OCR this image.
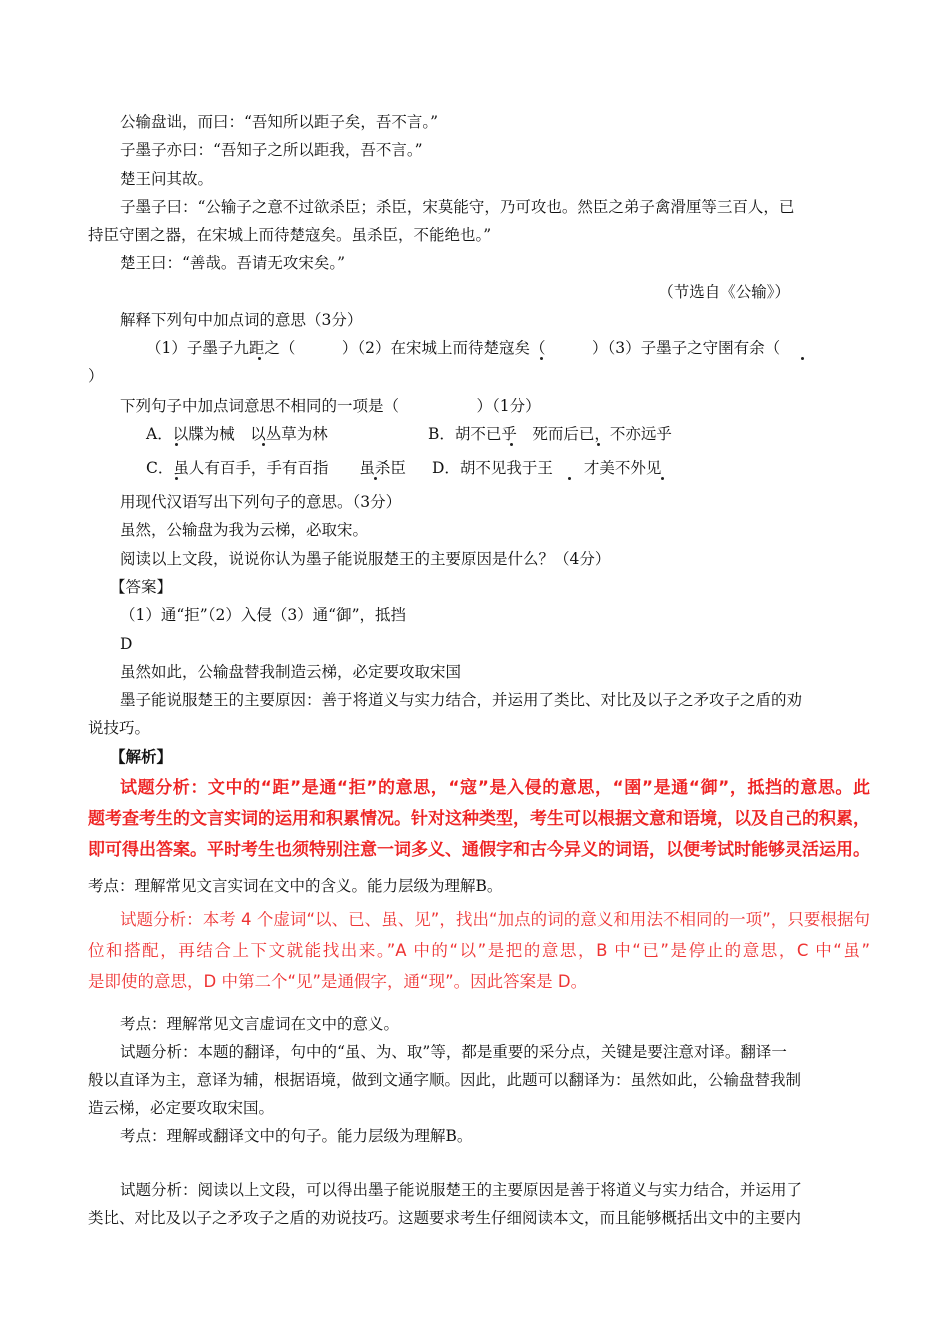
公输盘诎，而曰：“吾知所以距子矣，吾不言。”
子墨子亦曰：“吾知子之所以距我，吾不言。”
楚王问其故。
子墨子曰：“公输子之意不过欲杀臣；杀臣，宋莫能守，乃可攻也。然臣之弟子禽滑厘等三百人，已
持臣守圉之器，在宋城上而待楚寇矣。虽杀臣，不能绝也。”
楚王曰：“善哉。吾请无攻宋矣。”
（节选自《公输》）
解释下列句中加点词的意思（3分）
（1）子墨子九距之（　　　）（2）在宋城上而待楚寇矣（　　　）（3）子墨子之守圉有余（
）
下列句子中加点词意思不相同的一项是（　　　　　）（1分）
A．以牒为械　以丛草为林	B．胡不已乎　死而后已，不亦远乎
C．虽人有百手，手有百指　　虽杀臣 D．胡不见我于王　　才美不外见
用现代汉语写出下列句子的意思。（3分）
虽然，公输盘为我为云梯，必取宋。
阅读以上文段，说说你认为墨子能说服楚王的主要原因是什么？（4分）
【答案】
（1）通“拒”（2）入侵（3）通“御”，抵挡
D
虽然如此，公输盘替我制造云梯，必定要攻取宋国
墨子能说服楚王的主要原因：善于将道义与实力结合，并运用了类比、对比及以子之矛攻子之盾的劝
说技巧。
【解析】
试题分析：文中的“距”是通“拒”的意思，“寇”是入侵的意思，“圉”是通“御”，抵挡的意思。此
题考查考生的文言实词的运用和积累情况。针对这种类型，考生可以根据文意和语境，以及自己的积累，
即可得出答案。平时考生也须特别注意一词多义、通假字和古今异义的词语，以便考试时能够灵活运用。
考点：理解常见文言实词在文中的含义。能力层级为理解B。
试题分析：本考 4 个虚词“以、已、虽、见”，找出“加点的词的意义和用法不相同的一项”，只要根据句
位和搭配，再结合上下文就能找出来。”A 中的“以”是把的意思，B 中“已”是停止的意思，C 中“虽”
是即使的意思，D 中第二个“见”是通假字，通“现”。因此答案是 D。
考点：理解常见文言虚词在文中的意义。
试题分析：本题的翻译，句中的“虽、为、取”等，都是重要的采分点，关键是要注意对译。翻译一
般以直译为主，意译为辅，根据语境，做到文通字顺。因此，此题可以翻译为：虽然如此，公输盘替我制
造云梯，必定要攻取宋国。
考点：理解或翻译文中的句子。能力层级为理解B。
试题分析：阅读以上文段，可以得出墨子能说服楚王的主要原因是善于将道义与实力结合，并运用了
类比、对比及以子之矛攻子之盾的劝说技巧。这题要求考生仔细阅读本文，而且能够概括出文中的主要内
